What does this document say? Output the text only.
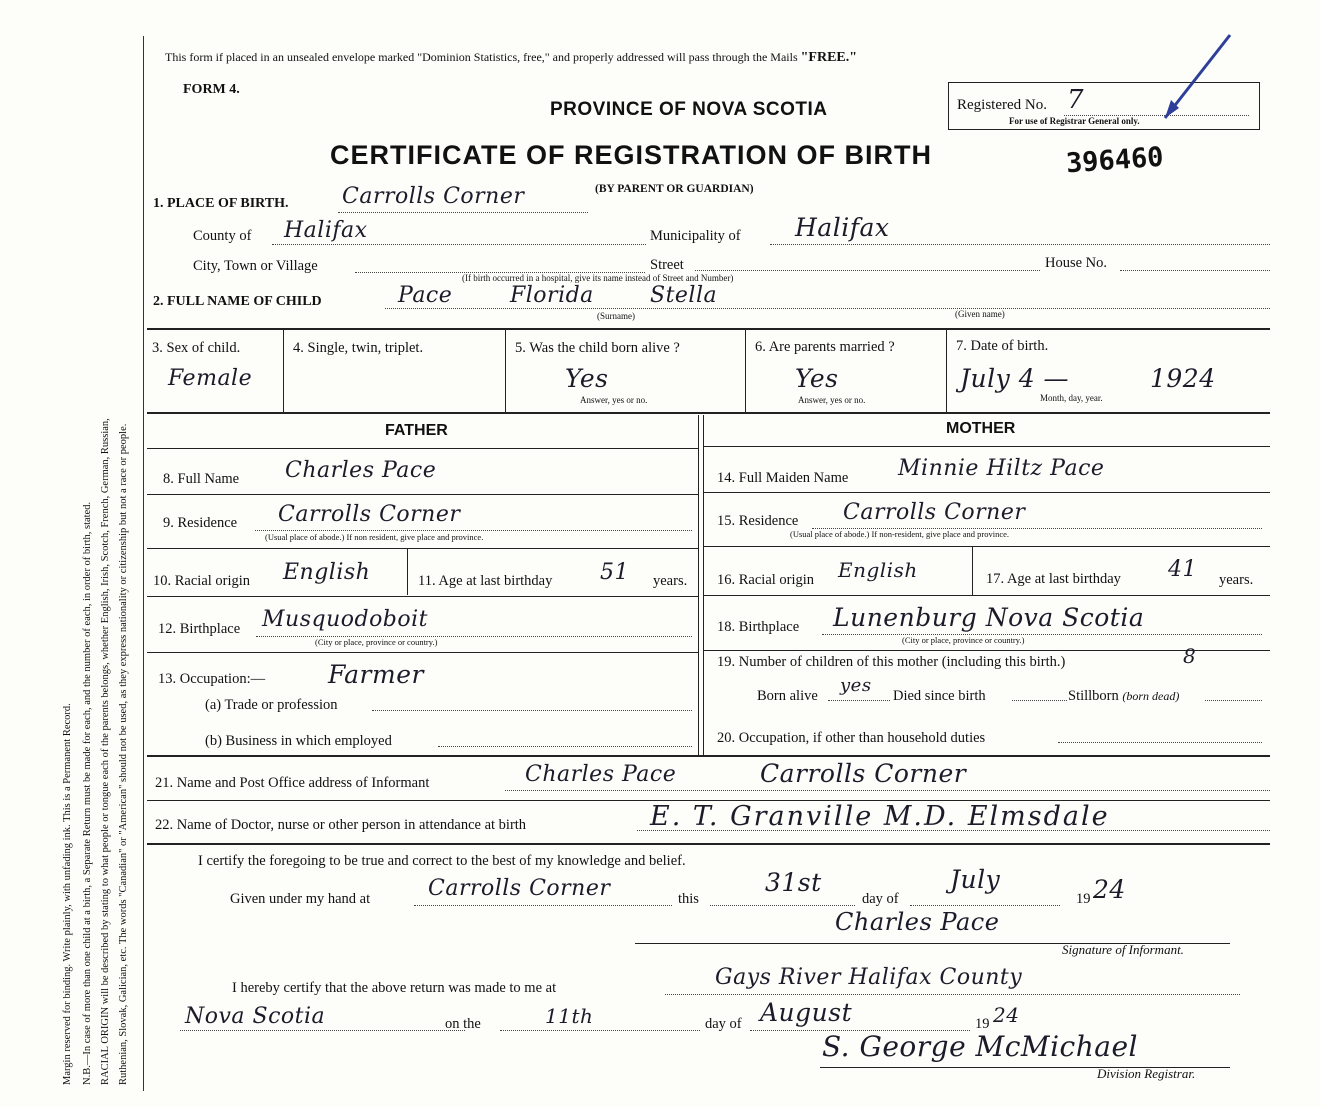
Margin reserved for binding. Write plainly, with unfading ink. This is a Permanent Record. N.B.—In case of more than one child at a birth, a Separate Return must be made for each, and the number of each, in order of birth, stated. RACIAL ORIGIN will be described by stating to what people or tongue each of the parents belongs, whether English, Irish, Scotch, French, German, Russian, Ruthenian, Slovak, Galician, etc. The words "Canadian" or "American" should not be used, as they express nationality or citizenship but not a race or people.
This form if placed in an unsealed envelope marked "Dominion Statistics, free," and properly addressed will pass through the Mails "FREE."
FORM 4.
PROVINCE OF NOVA SCOTIA	Registered No. 7
For use of Registrar General only.
CERTIFICATE OF REGISTRATION OF BIRTH	396460
(BY PARENT OR GUARDIAN)
1. PLACE OF BIRTH. Carrolls Corner
County of Halifax	Municipality of Halifax
City, Town or Village	Street	House No.
(If birth occurred in a hospital, give its name instead of Street and Number)
2. FULL NAME OF CHILD	Pace	Florida	Stella
(Surname)	(Given name)
3. Sex of child.
Female
4. Single, twin, triplet.	5. Was the child born alive ?
Yes
Answer, yes or no.
6. Are parents married ?
Yes
Answer, yes or no.
7. Date of birth.
July 4 —	1924
Month, day, year.
FATHER	MOTHER
8. Full Name Charles Pace
9. Residence Carrolls Corner
(Usual place of abode.) If non resident, give place and province.
10. Racial origin English	11. Age at last birthday 51 years.
12. Birthplace Musquodoboit
(City or place, province or country.)
13. Occupation:—	Farmer
(a) Trade or profession
(b) Business in which employed
14. Full Maiden Name Minnie Hiltz Pace
15. Residence Carrolls Corner
(Usual place of abode.) If non-resident, give place and province.
16. Racial origin English	17. Age at last birthday 41 years.
18. Birthplace Lunenburg Nova Scotia
(City or place, province or country.)
19. Number of children of this mother (including this birth.)	8
Born alive yes Died since birth	Stillborn (born dead)
20. Occupation, if other than household duties
21. Name and Post Office address of Informant	Charles Pace	Carrolls Corner
22. Name of Doctor, nurse or other person in attendance at birth	E. T. Granville M.D. Elmsdale
I certify the foregoing to be true and correct to the best of my knowledge and belief.
Given under my hand at	Carrolls Corner	this
31st
day of
July
19 24
Charles Pace
Signature of Informant.
I hereby certify that the above return was made to me at	Gays River Halifax County
Nova Scotia	on the	11th	day of August	19 24
S. George McMichael
Division Registrar.
